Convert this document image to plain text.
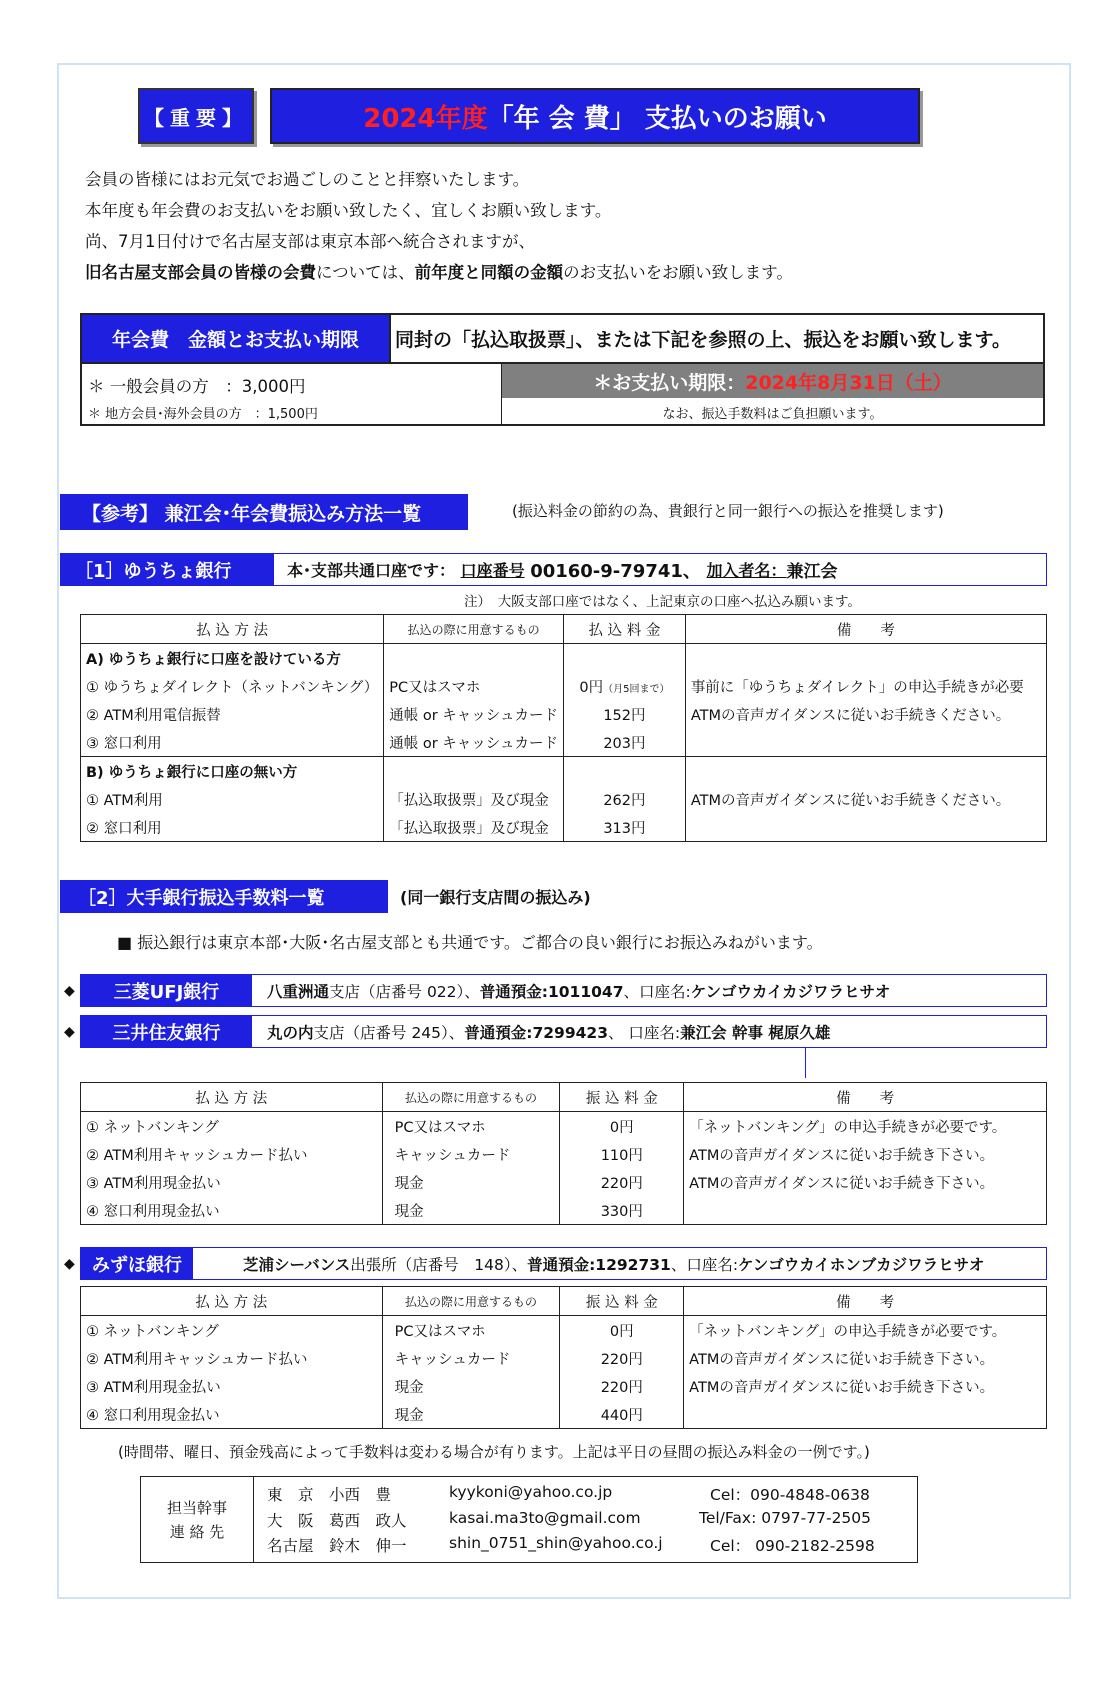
【重要】	2024年度 「年 会 費」 支払いのお願い
会員の皆様にはお元気でお過ごしのことと拝察いたします。
本年度も年会費のお支払いをお願い致したく、宜しくお願い致します。
尚、7月1日付けで名古屋支部は東京本部へ統合されますが、
旧名古屋支部会員の皆様の会費については、前年度と同額の金額のお支払いをお願い致します。
年会費　金額とお支払い期限	同封の「払込取扱票」、または下記を参照の上、振込をお願い致します。
＊ 一般会員の方　：3,000円
＊ 地方会員･海外会員の方　：1,500円
＊お支払い期限： 2024年8月31日（土）
なお、振込手数料はご負担願います。
【参考】 兼江会･年会費振込み方法一覧	(振込料金の節約の為、貴銀行と同一銀行への振込を推奨します)
［1］ゆうちょ銀行	本･支部共通口座です：
口座番号
00160-9-79741、
加入者名： 兼江会
注）　大阪支部口座ではなく、上記東京の口座へ払込み願います。
払 込 方 法	払込の際に用意するもの	払 込 料 金	備　　考
A) ゆうちょ銀行に口座を設けている方			
① ゆうちょダイレクト（ネットバンキング）	PC又はスマホ	0円（月5回まで）	事前に「ゆうちょダイレクト」の申込手続きが必要
② ATM利用電信振替	通帳 or キャッシュカード	152円	ATMの音声ガイダンスに従いお手続きください。
③ 窓口利用	通帳 or キャッシュカード	203円	
B) ゆうちょ銀行に口座の無い方			
① ATM利用	「払込取扱票」及び現金	262円	ATMの音声ガイダンスに従いお手続きください。
② 窓口利用	「払込取扱票」及び現金	313円	
［2］大手銀行振込手数料一覧	(同一銀行支店間の振込み)
■ 振込銀行は東京本部･大阪･名古屋支部とも共通です。ご都合の良い銀行にお振込みねがいます。
◆	三菱UFJ銀行	八重洲通 支店（店番号 022）、 普通預金:1011047 、口座名: ケンゴウカイカジワラヒサオ
◆	三井住友銀行	丸の内 支店（店番号 245）、 普通預金:7299423 、 口座名: 兼江会 幹事 梶原久雄
払 込 方 法	払込の際に用意するもの	振 込 料 金	備　　考
① ネットバンキング	PC又はスマホ	0円	「ネットバンキング」の申込手続きが必要です。
② ATM利用キャッシュカード払い	キャッシュカード	110円	ATMの音声ガイダンスに従いお手続き下さい。
③ ATM利用現金払い	現金	220円	ATMの音声ガイダンスに従いお手続き下さい。
④ 窓口利用現金払い	現金	330円	
◆ みずほ銀行	芝浦シーバンス 出張所（店番号　148）、 普通預金:1292731 、口座名: ケンゴウカイホンブカジワラヒサオ
払 込 方 法	払込の際に用意するもの	振 込 料 金	備　　考
① ネットバンキング	PC又はスマホ	0円	「ネットバンキング」の申込手続きが必要です。
② ATM利用キャッシュカード払い	キャッシュカード	220円	ATMの音声ガイダンスに従いお手続き下さい。
③ ATM利用現金払い	現金	220円	ATMの音声ガイダンスに従いお手続き下さい。
④ 窓口利用現金払い	現金	440円	
(時間帯、曜日、預金残高によって手数料は変わる場合が有ります。上記は平日の昼間の振込み料金の一例です。)
担当幹事
連 絡 先
東　京　小西　豊	kyykoni@yahoo.co.jp	Cel：090-4848-0638
大　阪　葛西　政人	kasai.ma3to@gmail.com	Tel/Fax: 0797-77-2505
名古屋　鈴木　伸一	shin_0751_shin@yahoo.co.j	Cel： 090-2182-2598
